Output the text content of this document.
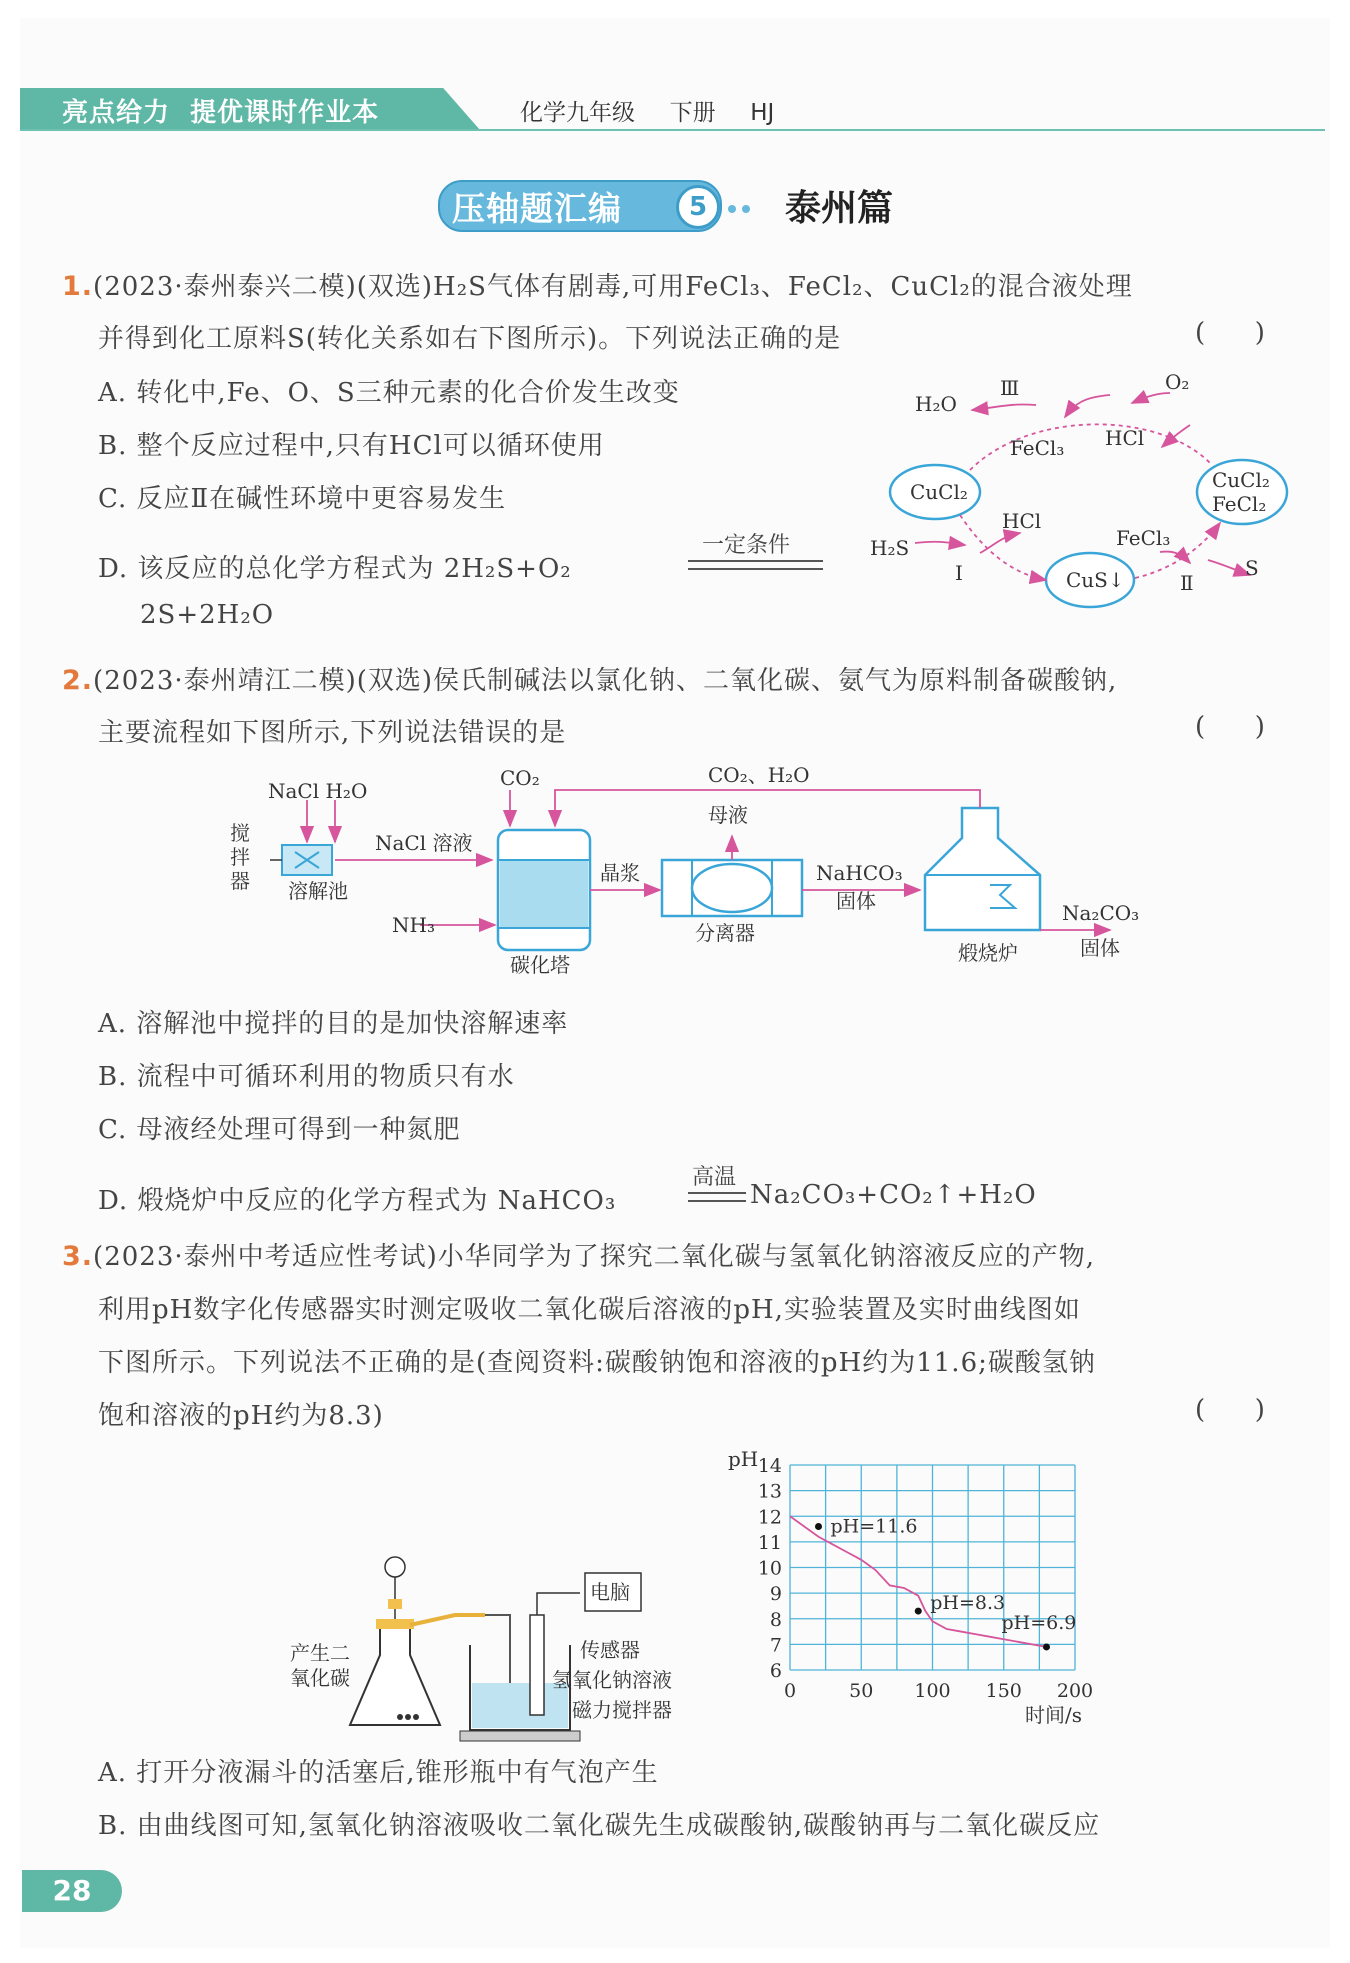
亮点给力  提优课时作业本	化学九年级  下册  HJ
压轴题汇编	5	泰州篇
1.(2023·泰州泰兴二模)(双选)H₂S气体有剧毒,可用FeCl₃、FeCl₂、CuCl₂的混合液处理
并得到化工原料S(转化关系如右下图所示)。下列说法正确的是	(      )
A. 转化中,Fe、O、S三种元素的化合价发生改变
B. 整个反应过程中,只有HCl可以循环使用
C. 反应Ⅱ在碱性环境中更容易发生
D. 该反应的总化学方程式为 2H₂S+O₂
一定条件
2S+2H₂O
H₂O
Ⅲ	O₂
FeCl₃ HCl
CuCl₂	CuCl₂
FeCl₂
HCl
FeCl₃
H₂S
Ⅰ	CuS↓	Ⅱ
S
2.(2023·泰州靖江二模)(双选)侯氏制碱法以氯化钠、二氧化碳、氨气为原料制备碳酸钠,
主要流程如下图所示,下列说法错误的是	(      )
NaCl H₂O
搅
拌
器 溶解池
NaCl 溶液
CO₂
NH₃
碳化塔
晶浆
CO₂、H₂O
母液
分离器
NaHCO₃
固体
煅烧炉
Na₂CO₃
固体
A. 溶解池中搅拌的目的是加快溶解速率
B. 流程中可循环利用的物质只有水
C. 母液经处理可得到一种氮肥
D. 煅烧炉中反应的化学方程式为 NaHCO₃
高温
Na₂CO₃+CO₂↑+H₂O
3.(2023·泰州中考适应性考试)小华同学为了探究二氧化碳与氢氧化钠溶液反应的产物,
利用pH数字化传感器实时测定吸收二氧化碳后溶液的pH,实验装置及实时曲线图如
下图所示。下列说法不正确的是(查阅资料:碳酸钠饱和溶液的pH约为11.6;碳酸氢钠
饱和溶液的pH约为8.3)	(      )
电脑
传感器
氢氧化钠溶液
磁力搅拌器
产生二
氧化碳	6
7
8
9
10
11
12
13
14
0	50 100 150 200
pH
时间/s
pH=11.6
pH=8.3
pH=6.9
A. 打开分液漏斗的活塞后,锥形瓶中有气泡产生
B. 由曲线图可知,氢氧化钠溶液吸收二氧化碳先生成碳酸钠,碳酸钠再与二氧化碳反应
28
